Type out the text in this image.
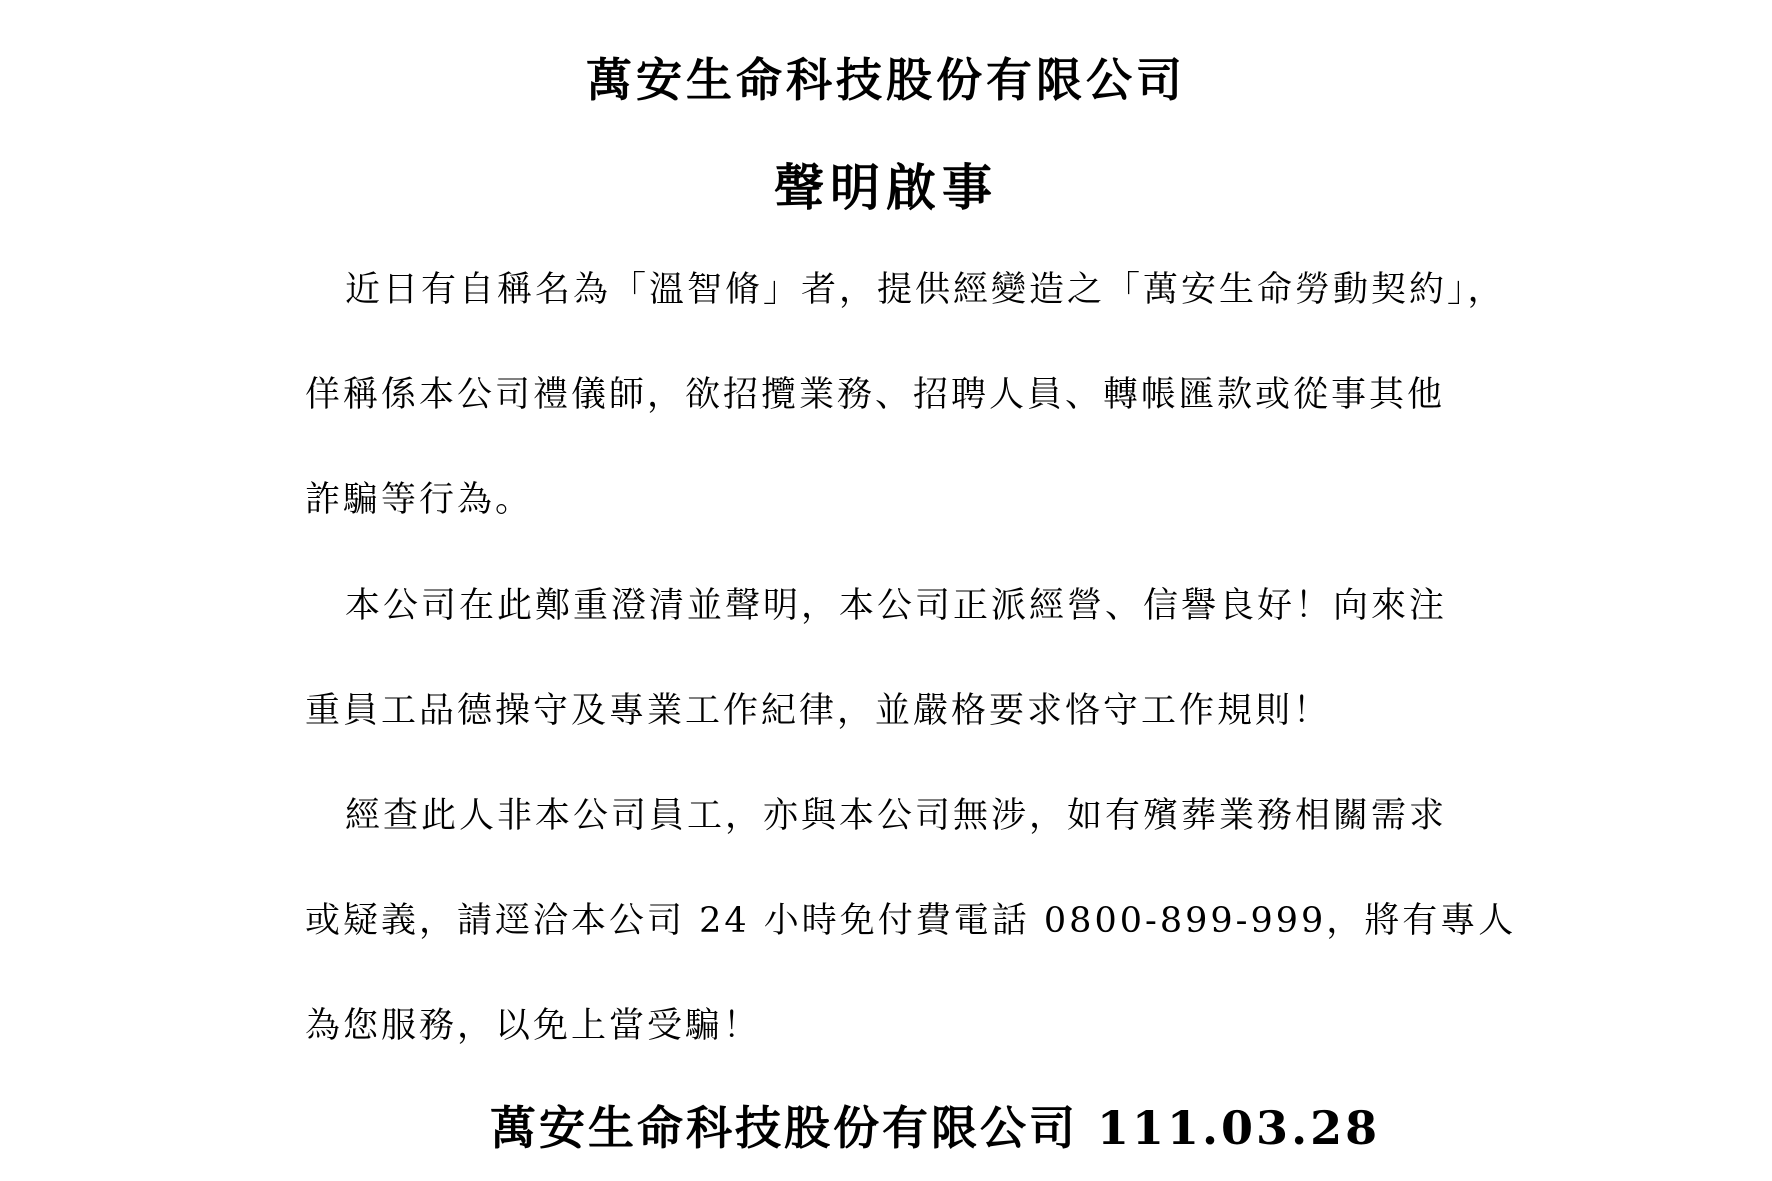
萬安生命科技股份有限公司
聲明啟事
近日有自稱名為「溫智脩」者，提供經變造之「萬安生命勞動契約」，
佯稱係本公司禮儀師，欲招攬業務、招聘人員、轉帳匯款或從事其他
詐騙等行為。
本公司在此鄭重澄清並聲明，本公司正派經營、信譽良好！向來注
重員工品德操守及專業工作紀律，並嚴格要求恪守工作規則！
經查此人非本公司員工，亦與本公司無涉，如有殯葬業務相關需求
或疑義，請逕洽本公司 24 小時免付費電話 0800-899-999，將有專人
為您服務，以免上當受騙！
萬安生命科技股份有限公司 111.03.28
